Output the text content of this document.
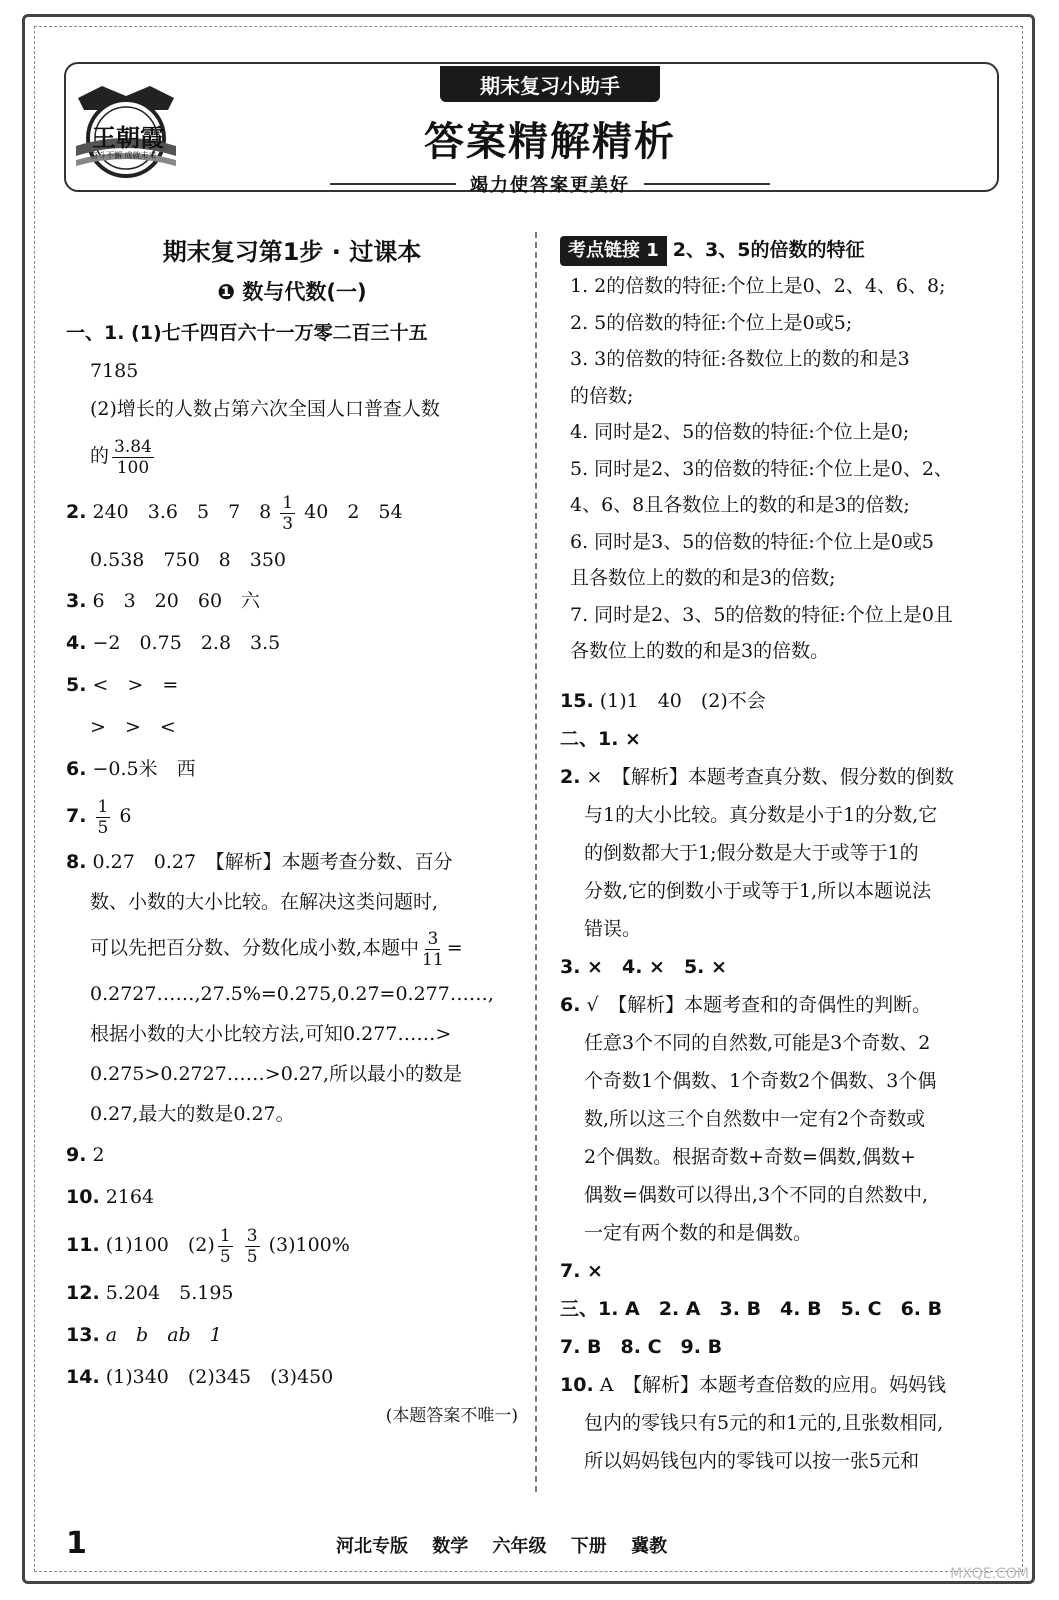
王朝霞
奋斗不懈 成就未来
期末复习小助手
答案精解精析
竭力使答案更美好
期末复习第1步 · 过课本
❶ 数与代数(一)
一、1. (1)七千四百六十一万零二百三十五
7185
(2)增长的人数占第六次全国人口普查人数
的 $\frac{3.84}{100}$
2. 240　3.6　5　7　$8 \frac{1}{3} 40$　2　54
0.538　750　8　350
3. 6　3　20　60　六
4. −2　0.75　2.8　3.5
5. <　>　=
>　>　<
6. −0.5米　西
7. $\frac{1}{5} 6$
8. 0.27　0.27̇　【解析】本题考查分数、百分
数、小数的大小比较。在解决这类问题时,
可以先把百分数、分数化成小数,本题中 $\frac{3}{11}$ =
0.2727……,27.5%=0.275,0.27̇=0.277……,
根据小数的大小比较方法,可知0.277……>
0.275>0.2727……>0.27,所以最小的数是
0.27,最大的数是0.27̇。
9. 2
10. 2164
11. (1)100　$(2) \frac{1}{5}$
$\frac{3}{5} (3)100\%$
12. 5.204　5.195
13. a　b　ab　1
14. (1)340　(2)345　(3)450
(本题答案不唯一)
考点链接 1 2、3、5的倍数的特征
1. 2的倍数的特征:个位上是0、2、4、6、8;
2. 5的倍数的特征:个位上是0或5;
3. 3的倍数的特征:各数位上的数的和是3
的倍数;
4. 同时是2、5的倍数的特征:个位上是0;
5. 同时是2、3的倍数的特征:个位上是0、2、
4、6、8且各数位上的数的和是3的倍数;
6. 同时是3、5的倍数的特征:个位上是0或5
且各数位上的数的和是3的倍数;
7. 同时是2、3、5的倍数的特征:个位上是0且
各数位上的数的和是3的倍数。
15. (1)1　40　(2)不会
二、1. ×
2. ×　【解析】本题考查真分数、假分数的倒数
与1的大小比较。真分数是小于1的分数,它
的倒数都大于1;假分数是大于或等于1的
分数,它的倒数小于或等于1,所以本题说法
错误。
3. ×　4. ×　5. ×
6. √　【解析】本题考查和的奇偶性的判断。
任意3个不同的自然数,可能是3个奇数、2
个奇数1个偶数、1个奇数2个偶数、3个偶
数,所以这三个自然数中一定有2个奇数或
2个偶数。根据奇数+奇数=偶数,偶数+
偶数=偶数可以得出,3个不同的自然数中,
一定有两个数的和是偶数。
7. ×
三、1. A　2. A　3. B　4. B　5. C　6. B
7. B　8. C　9. B
10. A　【解析】本题考查倍数的应用。妈妈钱
包内的零钱只有5元的和1元的,且张数相同,
所以妈妈钱包内的零钱可以按一张5元和
1	河北专版 数学 六年级 下册 冀教
MXQE.COM
